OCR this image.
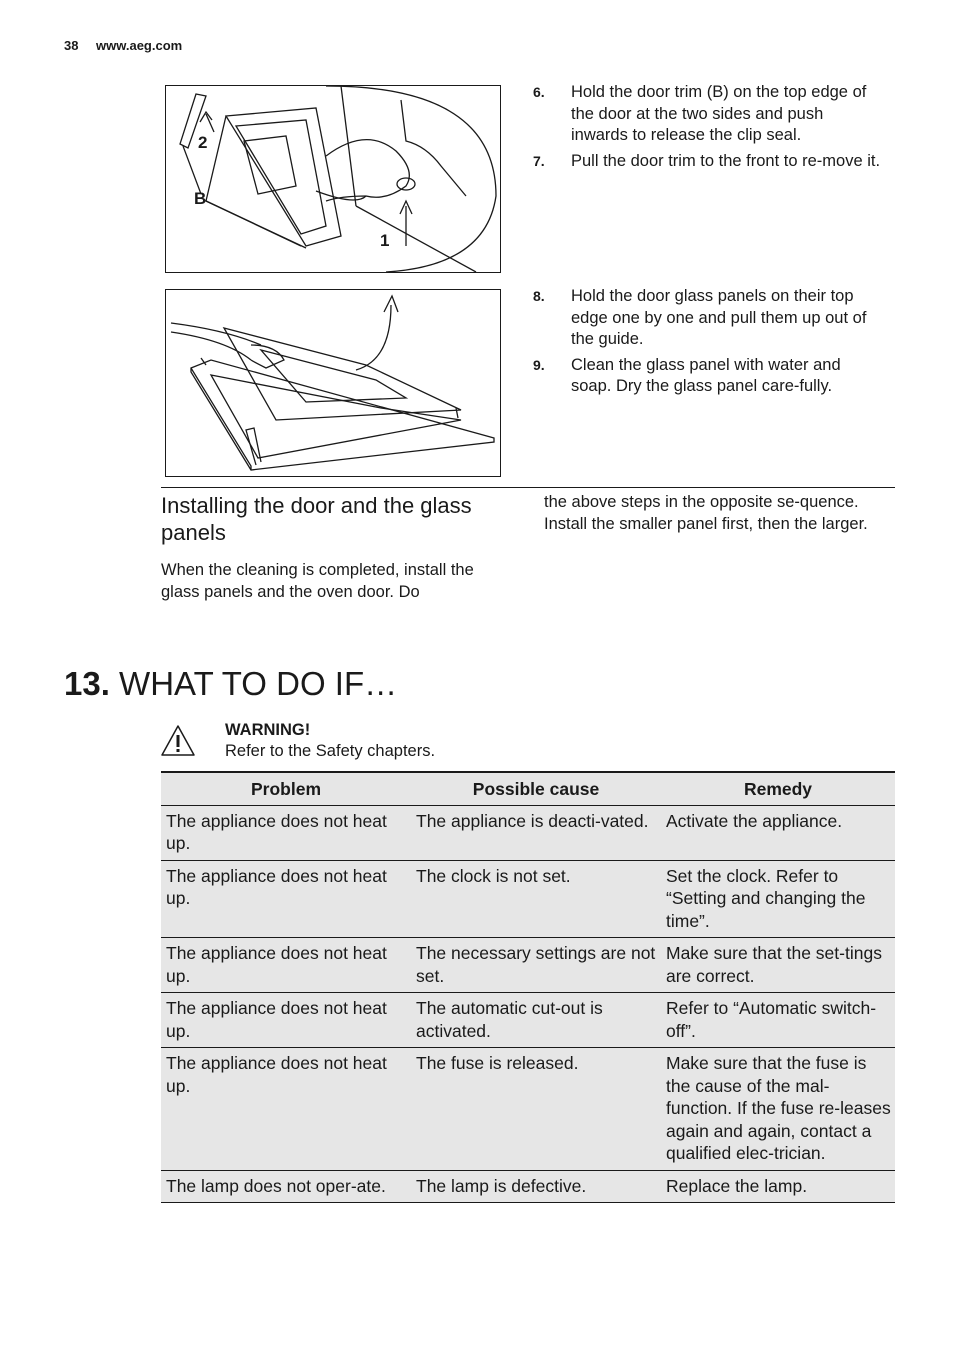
38 www.aeg.com
2
B
1
6. Hold the door trim (B) on the top edge of the door at the two sides and push inwards to release the clip seal.
7. Pull the door trim to the front to re-move it.
8. Hold the door glass panels on their top edge one by one and pull them up out of the guide.
9. Clean the glass panel with water and soap. Dry the glass panel care-fully.
Installing the door and the glass panels
When the cleaning is completed, install the glass panels and the oven door. Do
the above steps in the opposite se-quence. Install the smaller panel first, then the larger.
13. WHAT TO DO IF…
WARNING!
Refer to the Safety chapters.
Problem	Possible cause	Remedy
The appliance does not heat up.	The appliance is deacti-vated.	Activate the appliance.
The appliance does not heat up.	The clock is not set.	Set the clock. Refer to “Setting and changing the time”.
The appliance does not heat up.	The necessary settings are not set.	Make sure that the set-tings are correct.
The appliance does not heat up.	The automatic cut-out is activated.	Refer to “Automatic switch-off”.
The appliance does not heat up.	The fuse is released.	Make sure that the fuse is the cause of the mal-function. If the fuse re-leases again and again, contact a qualified elec-trician.
The lamp does not oper-ate.	The lamp is defective.	Replace the lamp.
